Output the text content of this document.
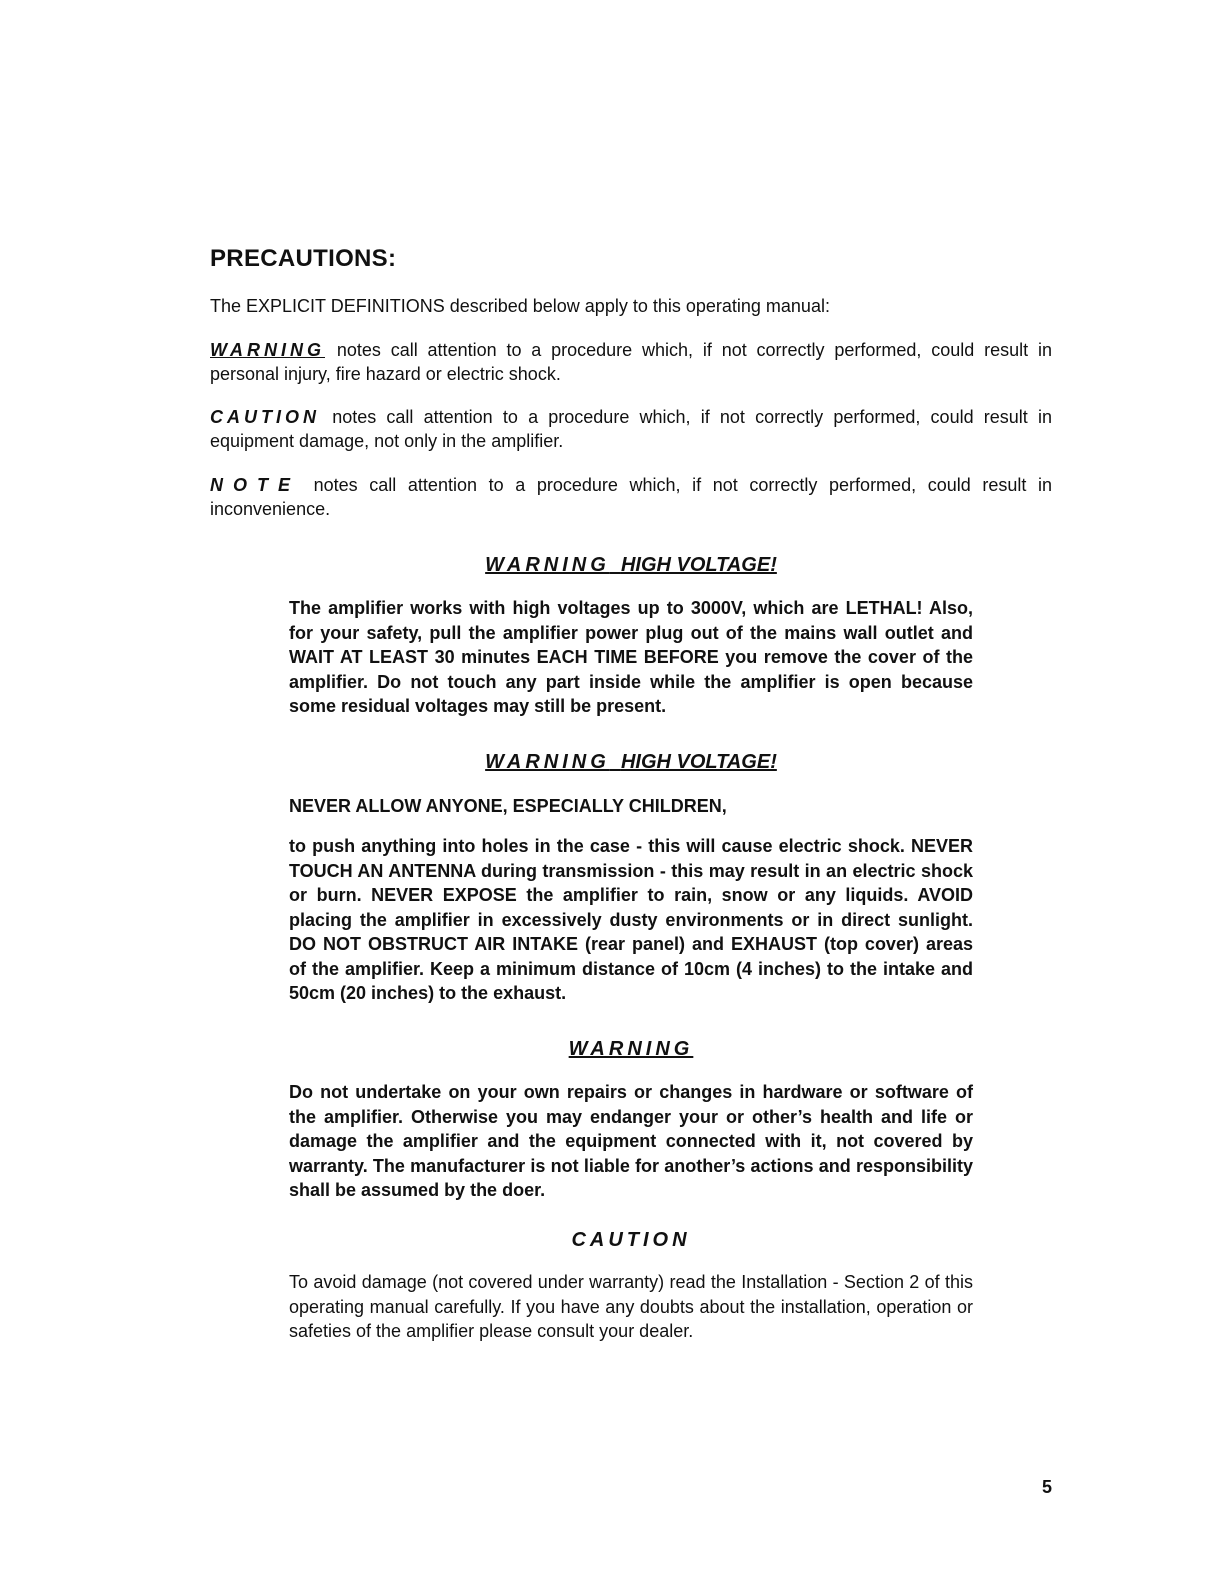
PRECAUTIONS:
The EXPLICIT DEFINITIONS described below apply to this operating manual:
WARNING notes call attention to a procedure which, if not correctly performed, could result in personal injury, fire hazard or electric shock.
CAUTION notes call attention to a procedure which, if not correctly performed, could result in equipment damage, not only in the amplifier.
NOTE notes call attention to a procedure which, if not correctly performed, could result in inconvenience.
WARNING HIGH VOLTAGE!
The amplifier works with high voltages up to 3000V, which are LETHAL! Also, for your safety, pull the amplifier power plug out of the mains wall outlet and WAIT AT LEAST 30 minutes EACH TIME BEFORE you remove the cover of the amplifier. Do not touch any part inside while the amplifier is open because some residual voltages may still be present.
WARNING HIGH VOLTAGE!
NEVER ALLOW ANYONE, ESPECIALLY CHILDREN,
to push anything into holes in the case - this will cause electric shock. NEVER TOUCH AN ANTENNA during transmission - this may result in an electric shock or burn. NEVER EXPOSE the amplifier to rain, snow or any liquids. AVOID placing the amplifier in excessively dusty environments or in direct sunlight. DO NOT OBSTRUCT AIR INTAKE (rear panel) and EXHAUST (top cover) areas of the amplifier. Keep a minimum distance of 10cm (4 inches) to the intake and 50cm (20 inches) to the exhaust.
WARNING
Do not undertake on your own repairs or changes in hardware or software of the amplifier. Otherwise you may endanger your or other’s health and life or damage the amplifier and the equipment connected with it, not covered by warranty. The manufacturer is not liable for another’s actions and responsibility shall be assumed by the doer.
CAUTION
To avoid damage (not covered under warranty) read the Installation - Section 2 of this operating manual carefully. If you have any doubts about the installation, operation or safeties of the amplifier please consult your dealer.
5
